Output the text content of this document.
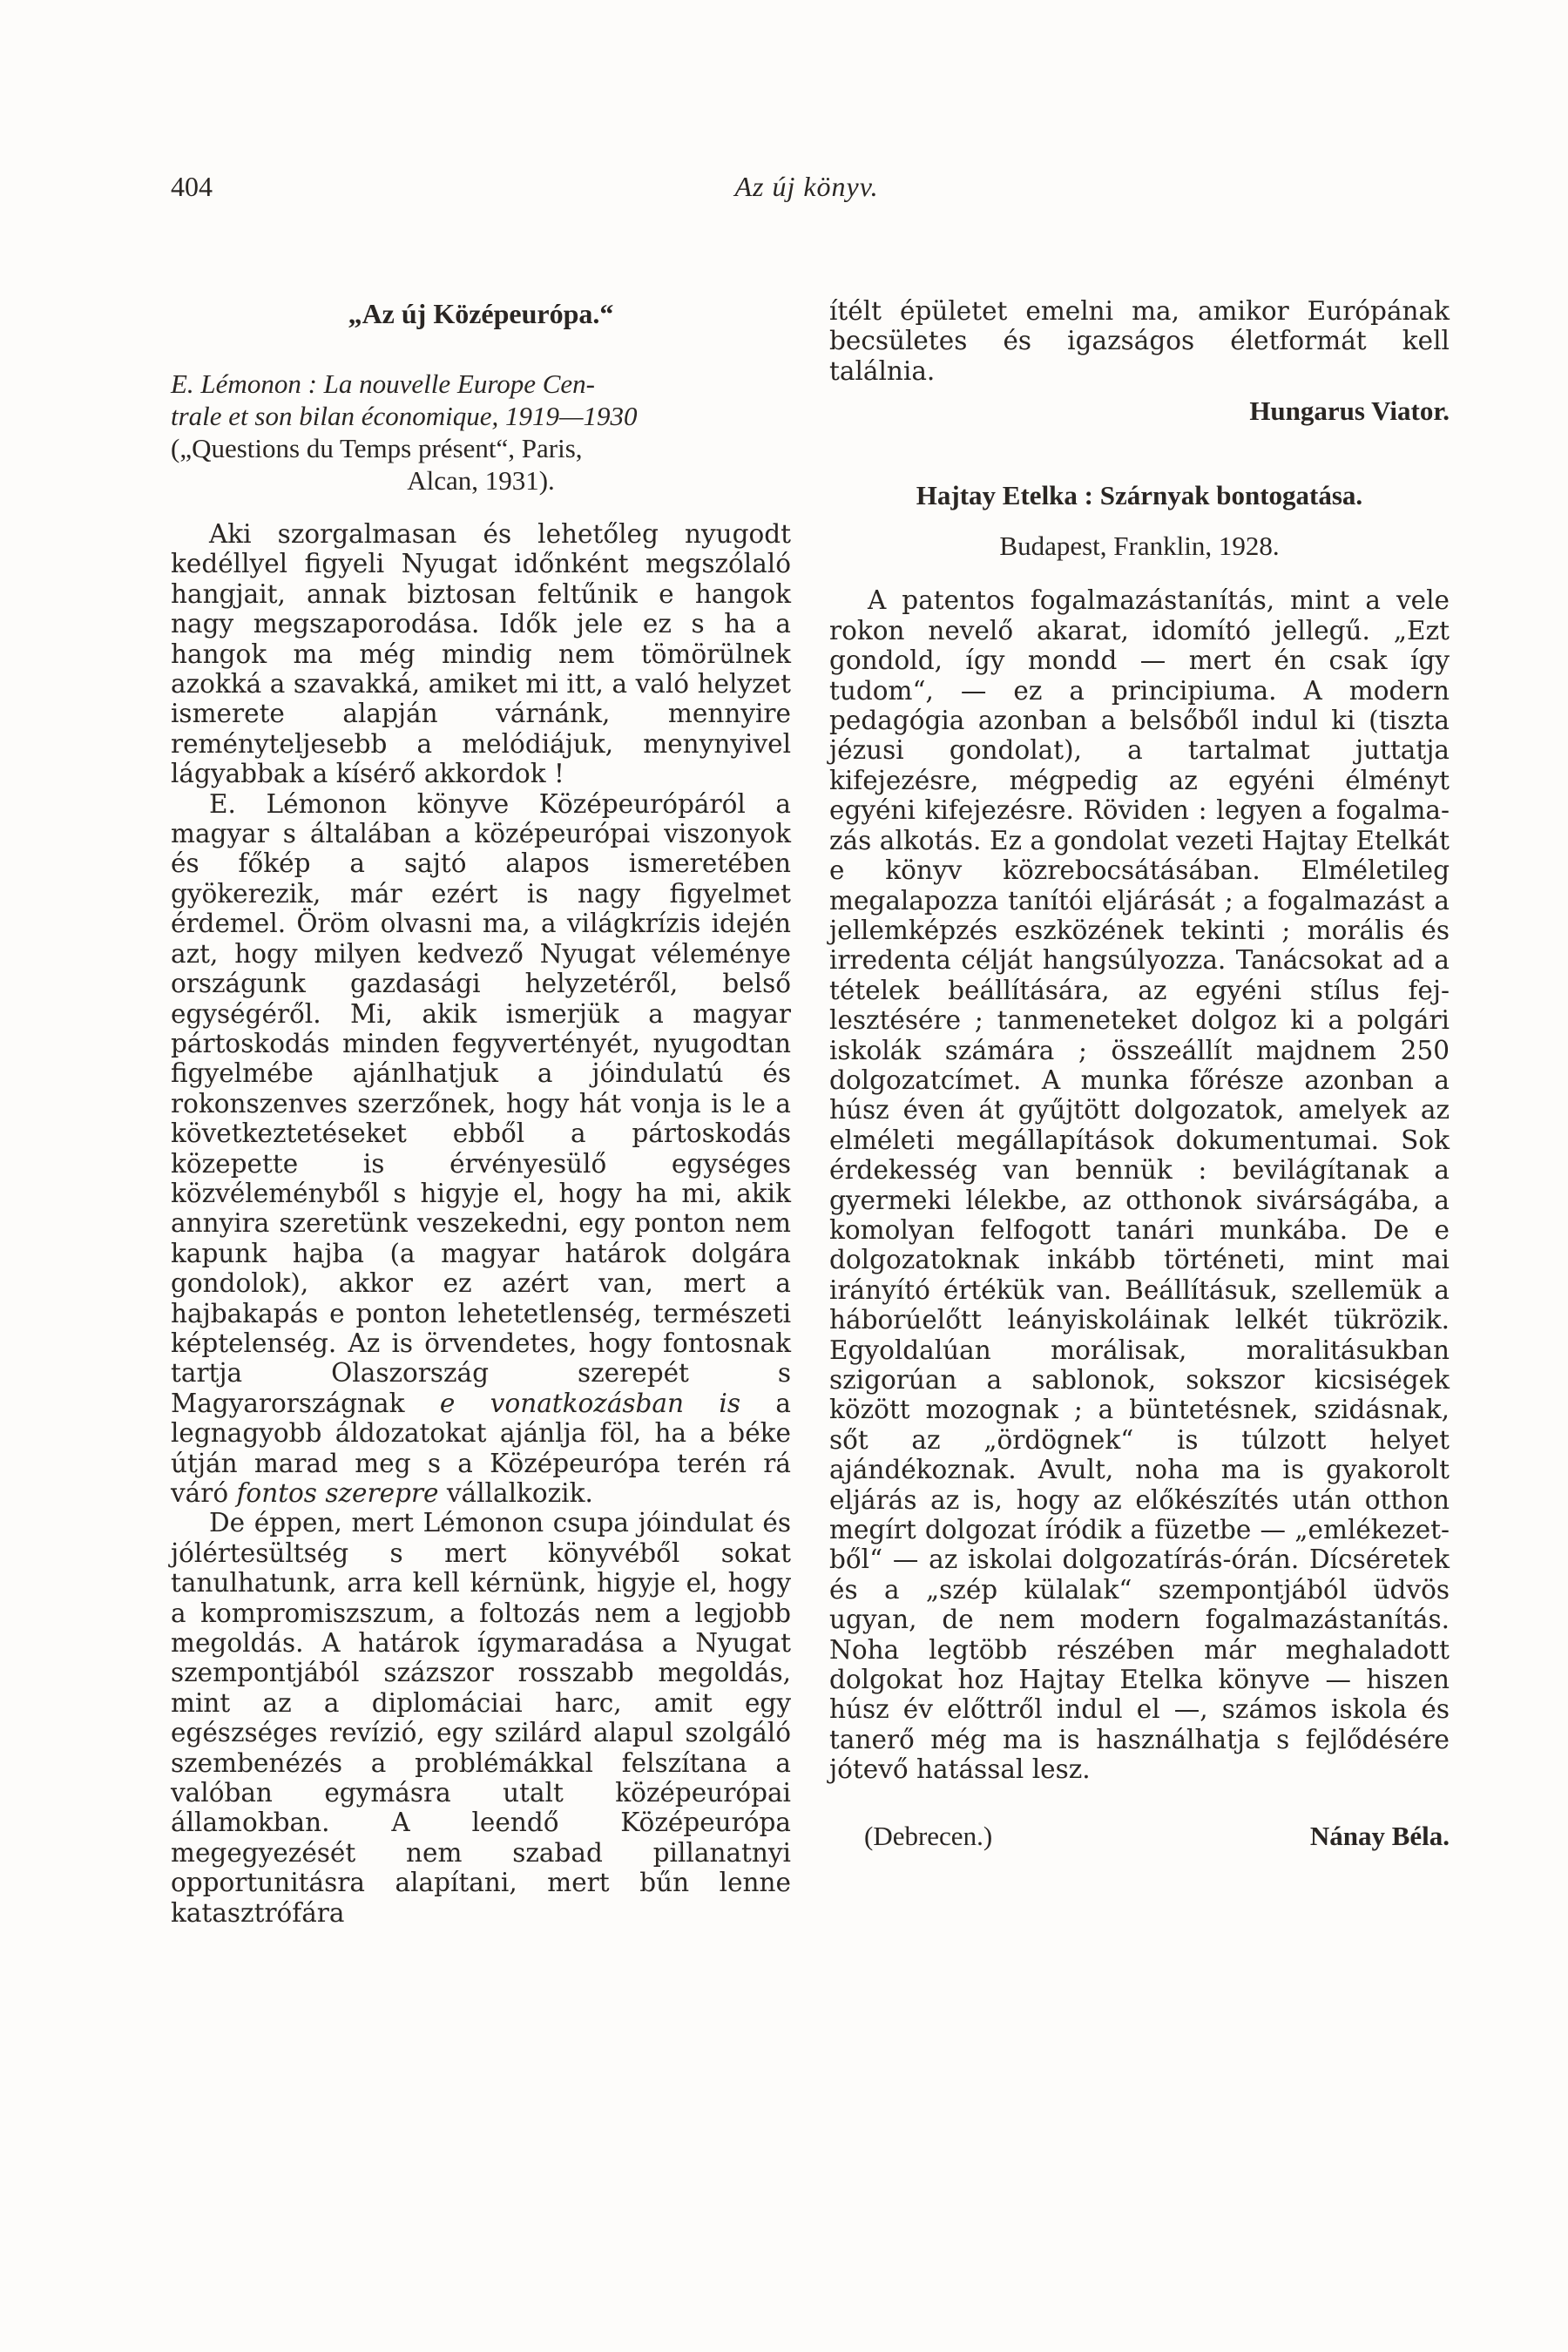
404	Az új könyv.
„Az új Középeurópa.“
E. Lémonon : La nouvelle Europe Cen-
trale et son bilan économique, 1919—1930
(„Questions du Temps présent“, Paris,
Alcan, 1931).

Aki szorgalmasan és lehetőleg nyugodt kedéllyel figyeli Nyugat időnként megszólaló hangjait, annak biztosan feltűnik e hangok nagy megszaporodása. Idők jele ez s ha a hangok ma még mindig nem tömörülnek azokká a szavakká, amiket mi itt, a való helyzet ismerete alapján várnánk, mennyire reményteljesebb a melódiájuk, menynyivel lágyabbak a kísérő akkordok !

E. Lémonon könyve Középeurópáról a magyar s általában a középeurópai viszonyok és főkép a sajtó alapos ismeretében gyökerezik, már ezért is nagy figyelmet érdemel. Öröm olvasni ma, a világkrízis idején azt, hogy milyen kedvező Nyugat véleménye országunk gazdasági helyzetéről, belső egységéről. Mi, akik ismerjük a magyar pártoskodás minden fegyvertényét, nyugodtan figyelmébe ajánlhatjuk a jóindulatú és rokonszenves szerzőnek, hogy hát vonja is le a következtetéseket ebből a pártoskodás közepette is érvényesülő egységes közvéleményből s higyje el, hogy ha mi, akik annyira szeretünk veszekedni, egy ponton nem kapunk hajba (a magyar határok dolgára gondolok), akkor ez azért van, mert a hajbakapás e ponton lehetetlenség, természeti képtelenség. Az is örvendetes, hogy fontosnak tartja Olaszország szerepét s Magyarországnak e vonatkozásban is a legnagyobb áldozatokat ajánlja föl, ha a béke útján marad meg s a Középeurópa terén rá váró fontos szerepre vállalkozik.

De éppen, mert Lémonon csupa jóindulat és jólértesültség s mert könyvéből sokat tanulhatunk, arra kell kérnünk, higyje el, hogy a kompromiszszum, a foltozás nem a legjobb megoldás. A határok ígymaradása a Nyugat szempontjából százszor rosszabb megoldás, mint az a diplomáciai harc, amit egy egészséges revízió, egy szilárd alapul szolgáló szembenézés a problémákkal felszítana a valóban egymásra utalt középeurópai államokban. A leendő Középeurópa megegyezését nem szabad pillanatnyi opportunitásra alapítani, mert bűn lenne katasztrófára

ítélt épületet emelni ma, amikor Európának becsületes és igazságos életformát kell találnia.

Hungarus Viator.
Hajtay Etelka : Szárnyak bontogatása.
Budapest, Franklin, 1928.

A patentos fogalmazástanítás, mint a vele rokon nevelő akarat, idomító jellegű. „Ezt gondold, így mondd — mert én csak így tudom“, — ez a principiuma. A modern pedagógia azonban a belsőből indul ki (tiszta jézusi gondolat), a tartalmat juttatja kifejezésre, mégpedig az egyéni élményt egyéni kifejezésre. Röviden : legyen a fogalmazás alkotás. Ez a gondolat vezeti Hajtay Etelkát e könyv közrebocsátásában. Elméletileg megalapozza tanítói eljárását ; a fogalmazást a jellemképzés eszközének tekinti ; morális és irredenta célját hangsúlyozza. Tanácsokat ad a tételek beállítására, az egyéni stílus fejlesztésére ; tanmeneteket dolgoz ki a polgári iskolák számára ; összeállít majdnem 250 dolgozatcímet. A munka főrésze azonban a húsz éven át gyűjtött dolgozatok, amelyek az elméleti megállapítások dokumentumai. Sok érdekesség van bennük : bevilágítanak a gyermeki lélekbe, az otthonok sivárságába, a komolyan felfogott tanári munkába. De e dolgozatoknak inkább történeti, mint mai irányító értékük van. Beállításuk, szellemük a háborúelőtt leányiskoláinak lelkét tükrözik. Egyoldalúan morálisak, moralitásukban szigorúan a sablonok, sokszor kicsiségek között mozognak ; a büntetésnek, szidásnak, sőt az „ördögnek“ is túlzott helyet ajándékoznak. Avult, noha ma is gyakorolt eljárás az is, hogy az előkészítés után otthon megírt dolgozat íródik a füzetbe — „emlékezetből“ — az iskolai dolgozatírás-órán. Dícséretek és a „szép külalak“ szempontjából üdvös ugyan, de nem modern fogalmazástanítás. Noha legtöbb részében már meghaladott dolgokat hoz Hajtay Etelka könyve — hiszen húsz év előttről indul el —, számos iskola és tanerő még ma is használhatja s fejlődésére jótevő hatással lesz.

(Debrecen.)	Nánay Béla.
